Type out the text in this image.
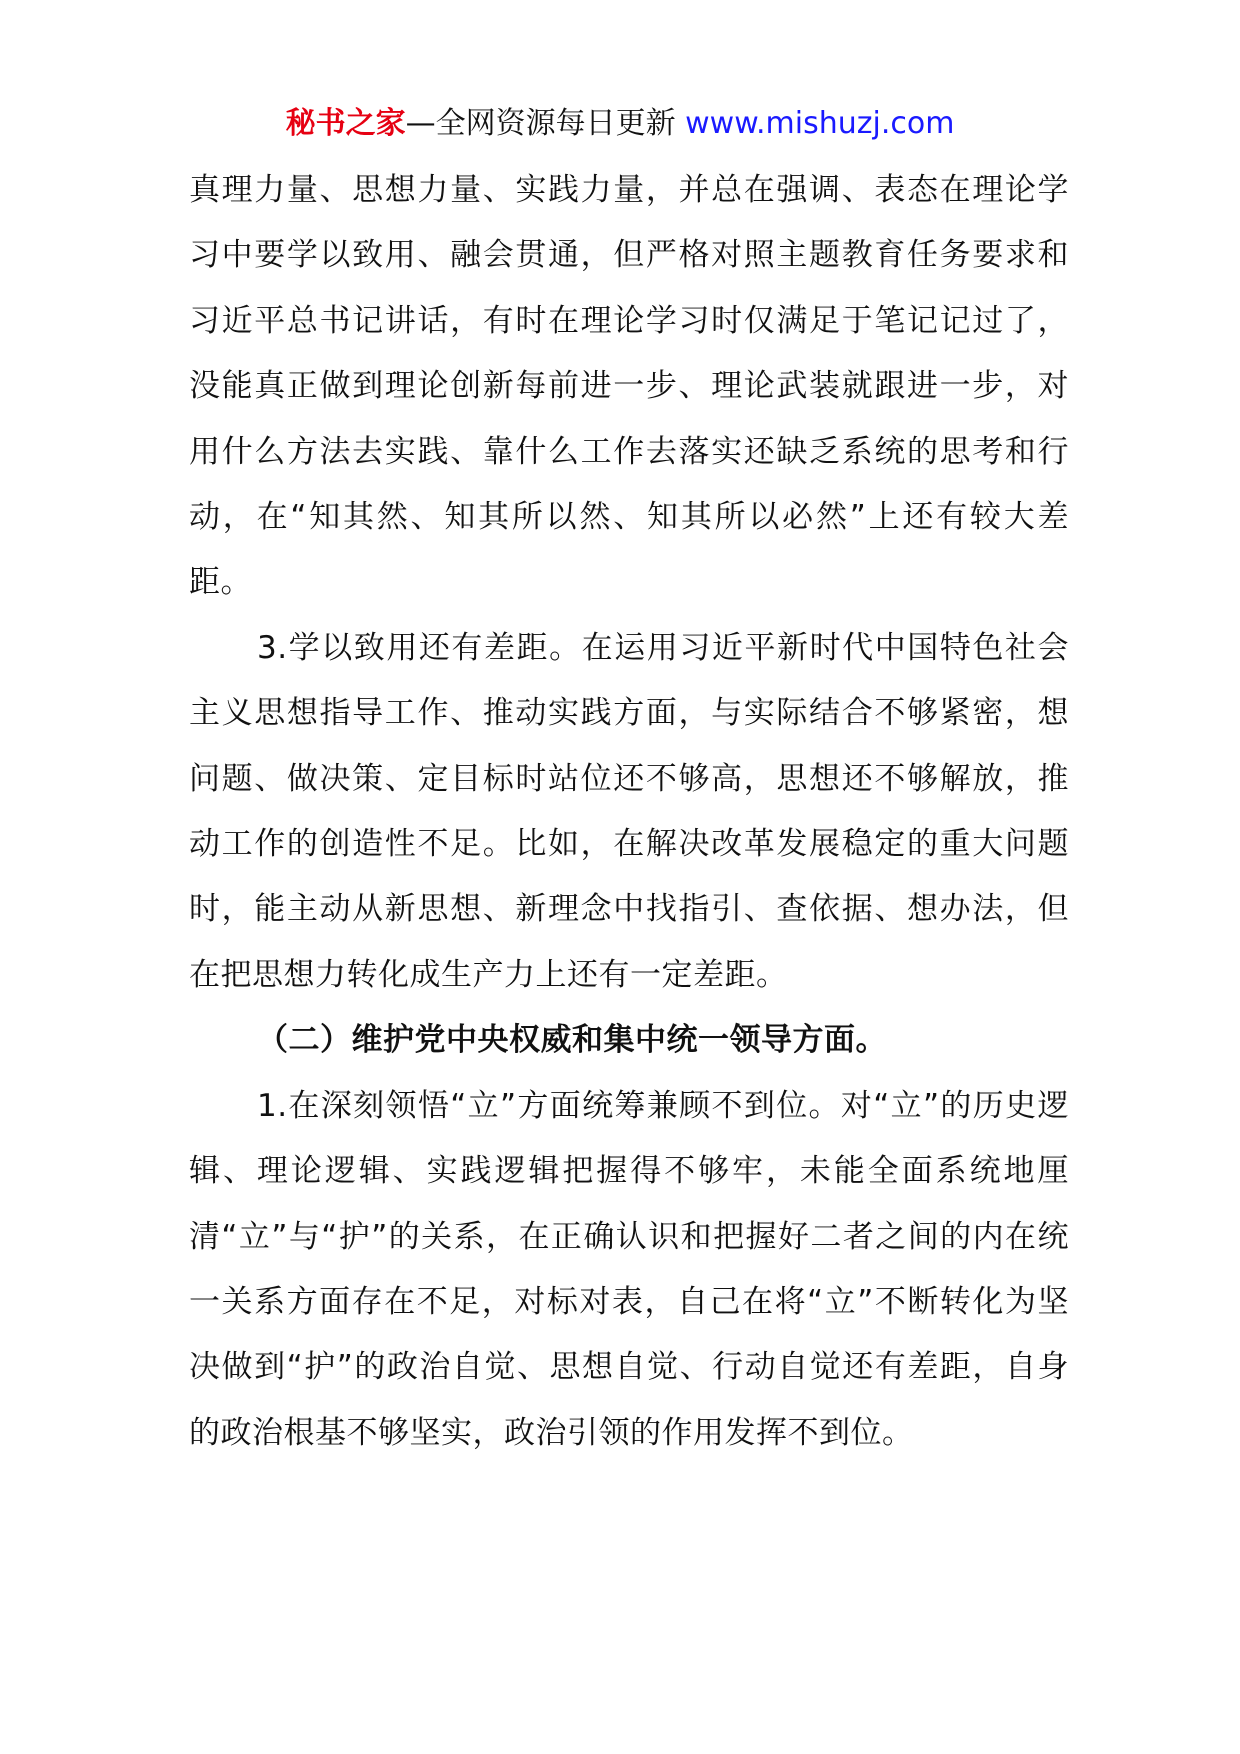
秘书之家—全网资源每日更新 www.mishuzj.com

真理力量、思想力量、实践力量，并总在强调、表态在理论学习中要学以致用、融会贯通，但严格对照主题教育任务要求和习近平总书记讲话，有时在理论学习时仅满足于笔记记过了，没能真正做到理论创新每前进一步、理论武装就跟进一步，对用什么方法去实践、靠什么工作去落实还缺乏系统的思考和行动，在“知其然、知其所以然、知其所以必然”上还有较大差距。

3.学以致用还有差距。在运用习近平新时代中国特色社会主义思想指导工作、推动实践方面，与实际结合不够紧密，想问题、做决策、定目标时站位还不够高，思想还不够解放，推动工作的创造性不足。比如，在解决改革发展稳定的重大问题时，能主动从新思想、新理念中找指引、查依据、想办法，但在把思想力转化成生产力上还有一定差距。

（二）维护党中央权威和集中统一领导方面。

1.在深刻领悟“立”方面统筹兼顾不到位。对“立”的历史逻辑、理论逻辑、实践逻辑把握得不够牢，未能全面系统地厘清“立”与“护”的关系，在正确认识和把握好二者之间的内在统一关系方面存在不足，对标对表，自己在将“立”不断转化为坚决做到“护”的政治自觉、思想自觉、行动自觉还有差距，自身的政治根基不够坚实，政治引领的作用发挥不到位。
